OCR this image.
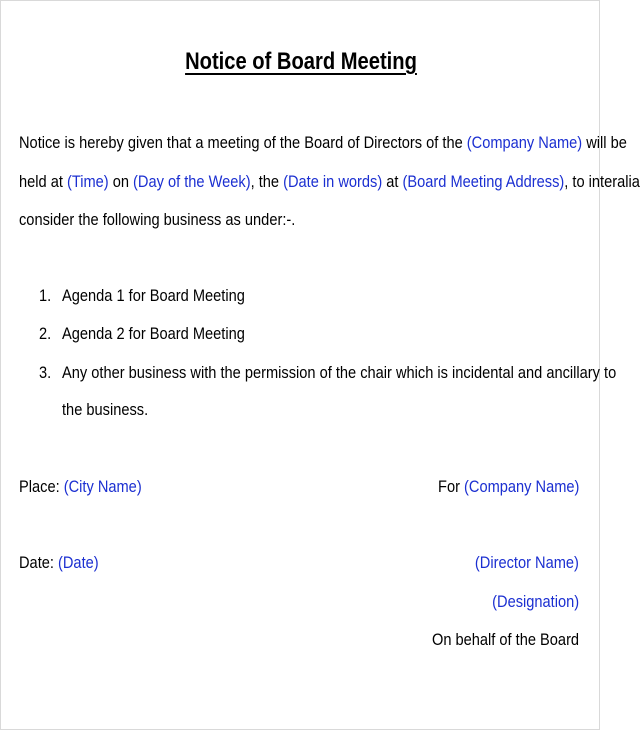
Notice of Board Meeting
Notice is hereby given that a meeting of the Board of Directors of the (Company Name) will be
held at (Time) on (Day of the Week), the (Date in words) at (Board Meeting Address), to interalia
consider the following business as under:-.
1. Agenda 1 for Board Meeting
2. Agenda 2 for Board Meeting
3. Any other business with the permission of the chair which is incidental and ancillary to
the business.
Place: (City Name)	For (Company Name)
Date: (Date)	(Director Name)
(Designation)
On behalf of the Board
